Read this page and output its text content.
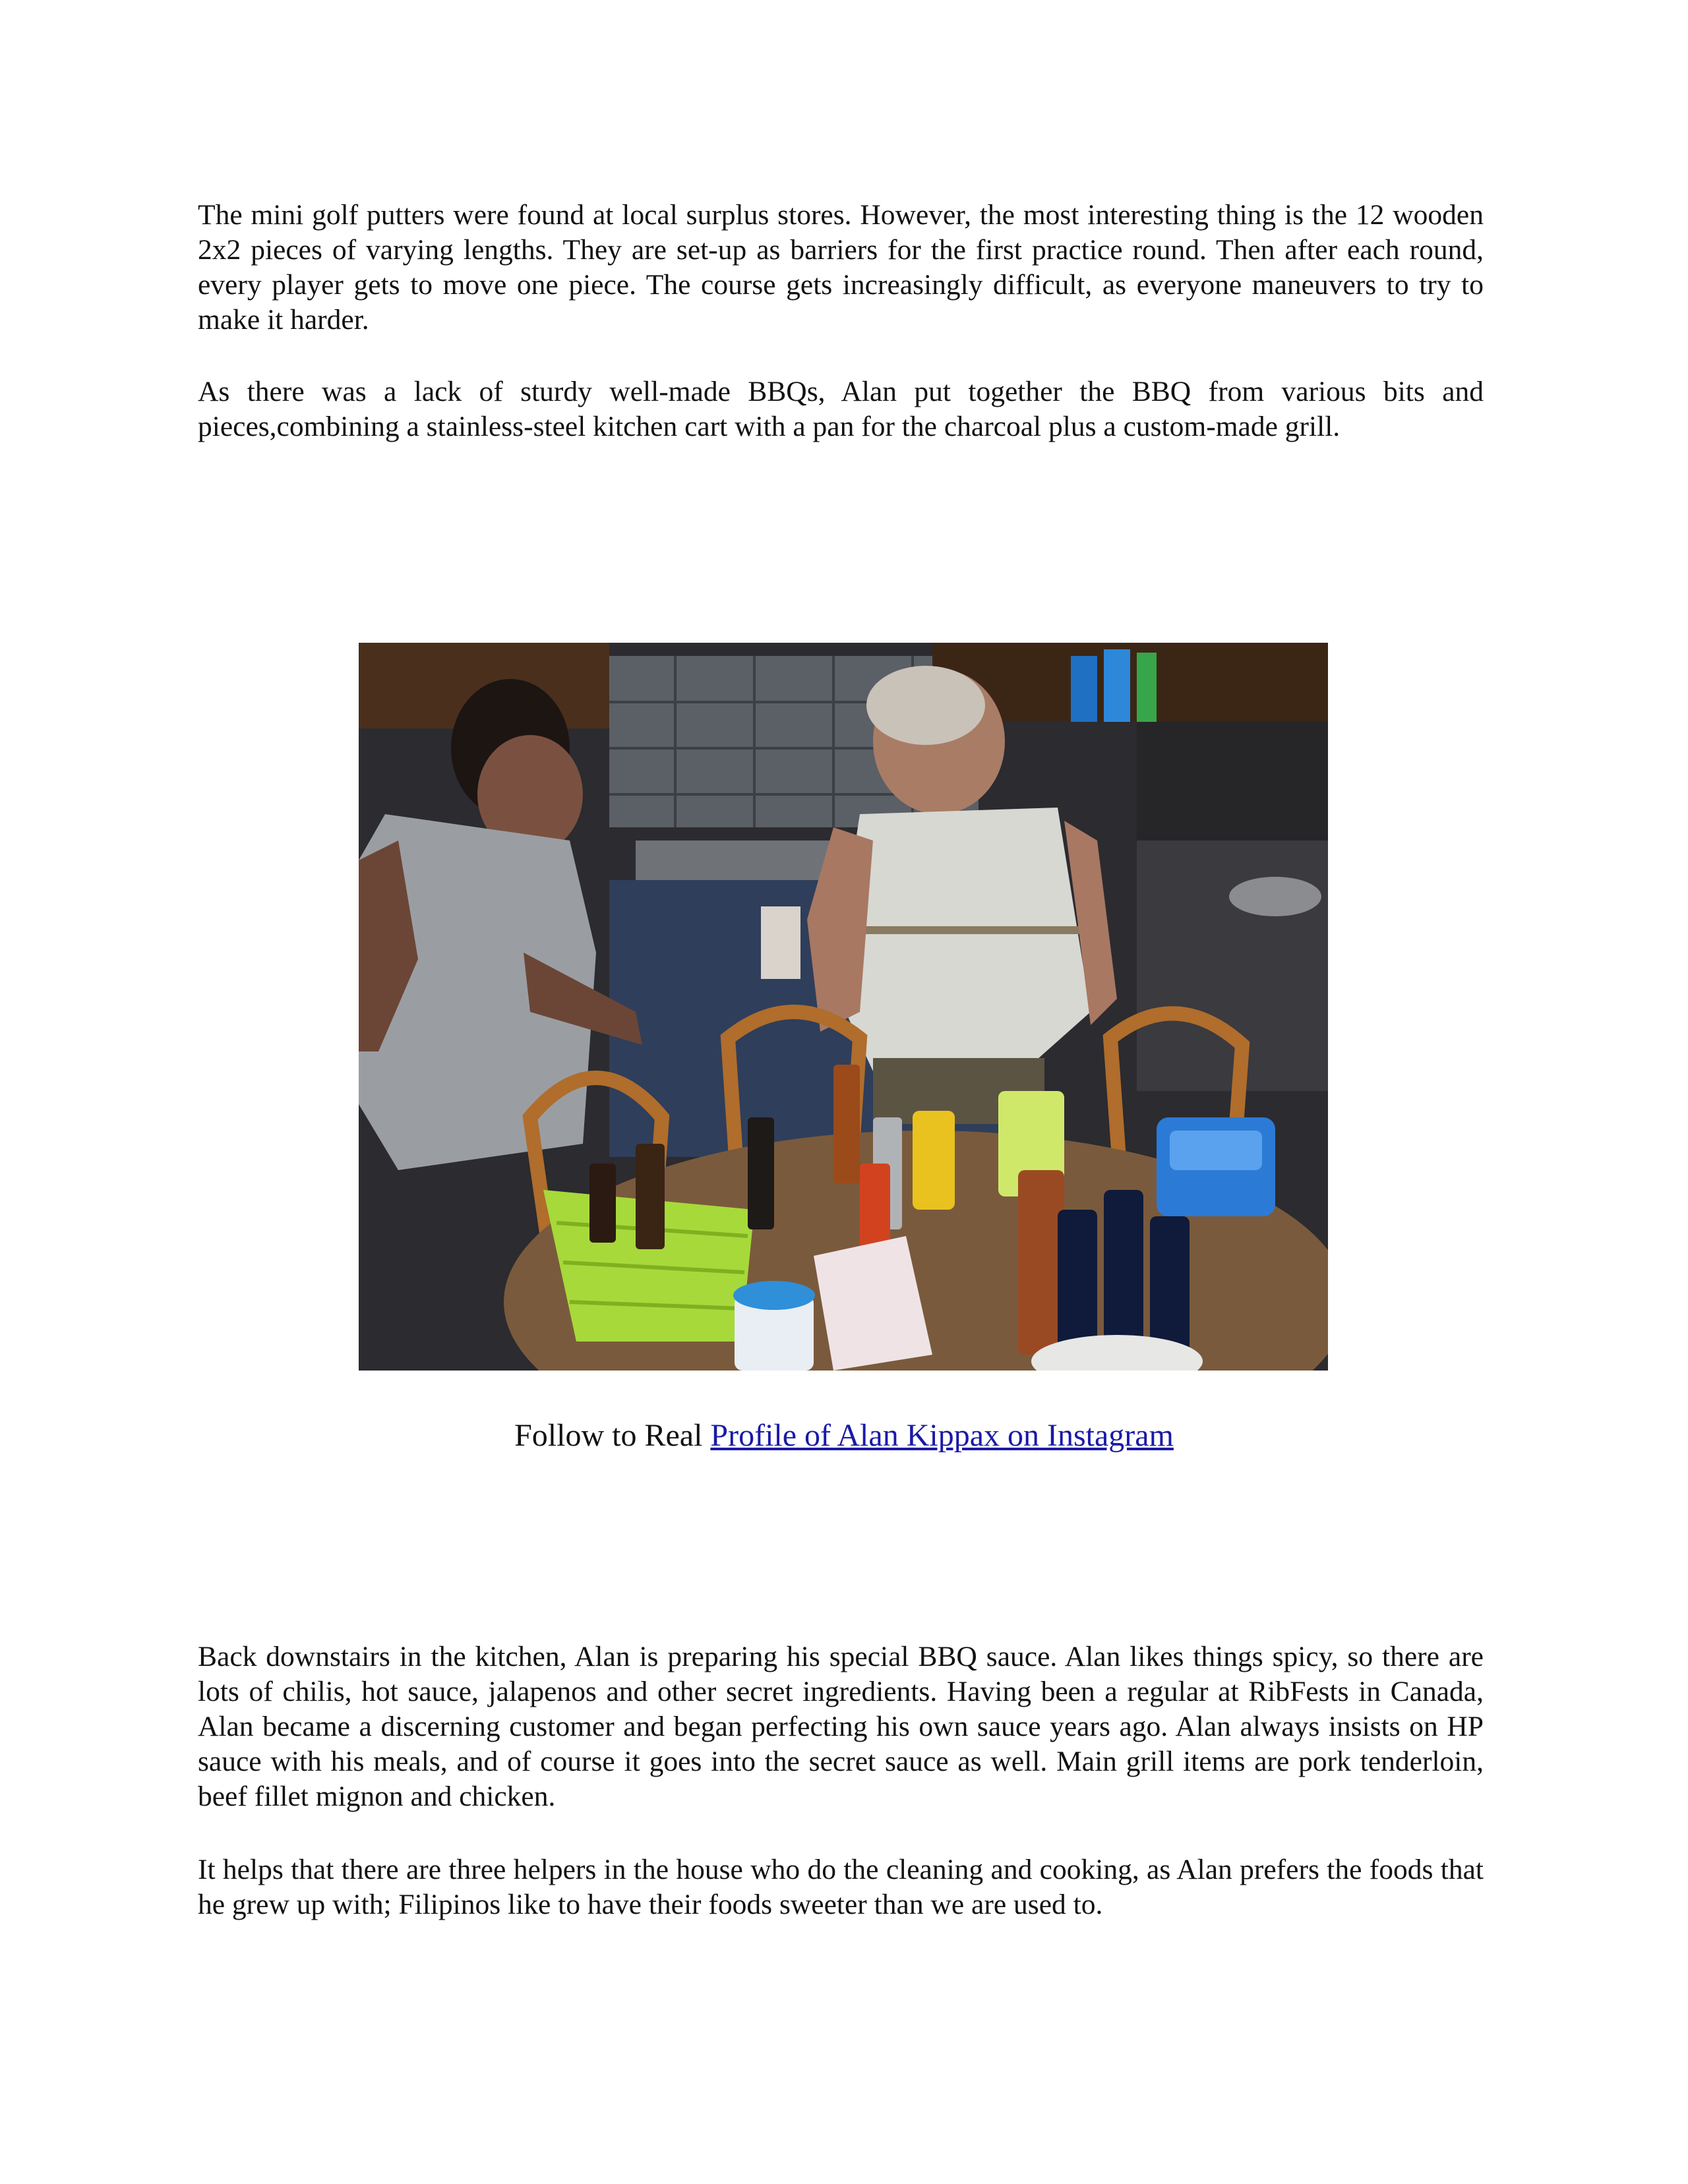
The mini golf putters were found at local surplus stores. However, the most interesting thing is the 12 wooden 2x2 pieces of varying lengths. They are set-up as barriers for the first practice round. Then after each round, every player gets to move one piece. The course gets increasingly difficult, as everyone maneuvers to try to make it harder.

As there was a lack of sturdy well-made BBQs, Alan put together the BBQ from various bits and pieces,combining a stainless-steel kitchen cart with a pan for the charcoal plus a custom-made grill.

Follow to Real Profile of Alan Kippax on Instagram

Back downstairs in the kitchen, Alan is preparing his special BBQ sauce. Alan likes things spicy, so there are lots of chilis, hot sauce, jalapenos and other secret ingredients. Having been a regular at RibFests in Canada, Alan became a discerning customer and began perfecting his own sauce years ago. Alan always insists on HP sauce with his meals, and of course it goes into the secret sauce as well. Main grill items are pork tenderloin, beef fillet mignon and chicken.

It helps that there are three helpers in the house who do the cleaning and cooking, as Alan prefers the foods that he grew up with; Filipinos like to have their foods sweeter than we are used to.
